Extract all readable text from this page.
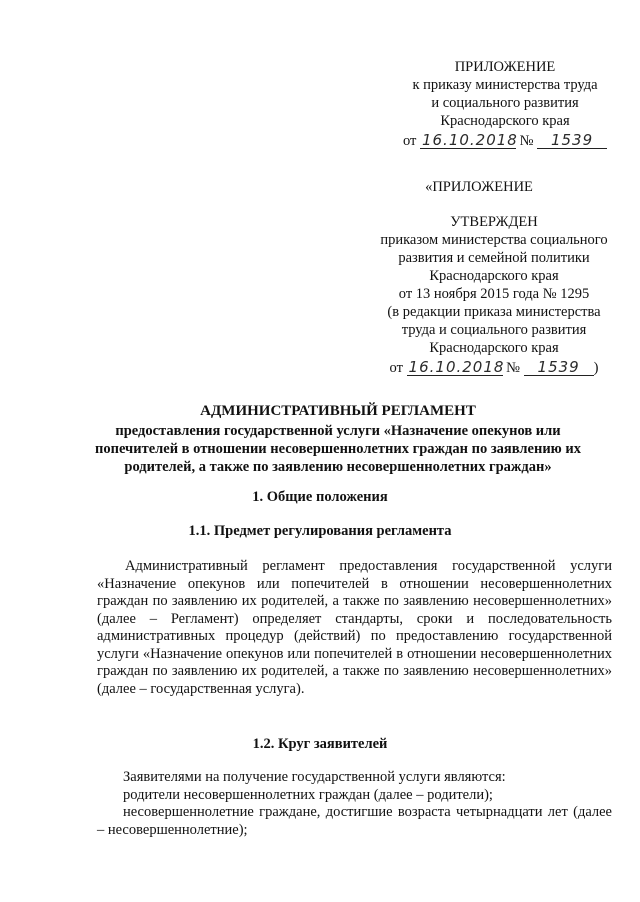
ПРИЛОЖЕНИЕ
к приказу министерства труда
и социального развития
Краснодарского края
от 16.10.2018 № 1539
«ПРИЛОЖЕНИЕ
УТВЕРЖДЕН
приказом министерства социального
развития и семейной политики
Краснодарского края
от 13 ноября 2015 года № 1295
(в редакции приказа министерства
труда и социального развития
Краснодарского края
от 16.10.2018 № 1539 )
АДМИНИСТРАТИВНЫЙ РЕГЛАМЕНТ
предоставления государственной услуги «Назначение опекунов или
попечителей в отношении несовершеннолетних граждан по заявлению их
родителей, а также по заявлению несовершеннолетних граждан»
1. Общие положения
1.1. Предмет регулирования регламента
Административный регламент предоставления государственной услуги «Назначение опекунов или попечителей в отношении несовершеннолетних граждан по заявлению их родителей, а также по заявлению несовершеннолетних» (далее – Регламент) определяет стандарты, сроки и последовательность административных процедур (действий) по предоставлению государственной услуги «Назначение опекунов или попечителей в отношении несовершеннолетних граждан по заявлению их родителей, а также по заявлению несовершеннолетних» (далее – государственная услуга).
1.2. Круг заявителей
Заявителями на получение государственной услуги являются:
родители несовершеннолетних граждан (далее – родители);
несовершеннолетние граждане, достигшие возраста четырнадцати лет (далее – несовершеннолетние);
